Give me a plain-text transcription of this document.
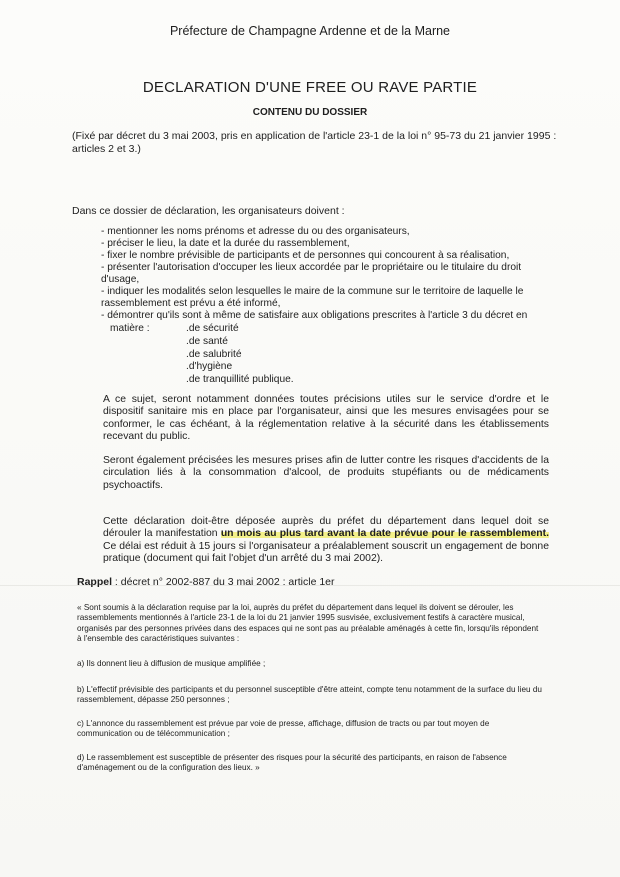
Préfecture de Champagne Ardenne et de la Marne
DECLARATION D'UNE FREE OU RAVE PARTIE
CONTENU DU DOSSIER
(Fixé par décret du 3 mai 2003, pris en application de l'article 23-1 de la loi n° 95-73 du 21 janvier 1995 : articles 2 et 3.)
Dans ce dossier de déclaration, les organisateurs doivent :
- mentionner les noms prénoms et adresse du ou des organisateurs,
- préciser le lieu, la date et la durée du rassemblement,
- fixer le nombre prévisible de participants et de personnes qui concourent à sa réalisation,
- présenter l'autorisation d'occuper les lieux accordée par le propriétaire ou le titulaire du droit d'usage,
- indiquer les modalités selon lesquelles le maire de la commune sur le territoire de laquelle le rassemblement est prévu a été informé,
- démontrer qu'ils sont à même de satisfaire aux obligations prescrites à l'article 3 du décret en
matière :	.de sécurité
.de santé
.de salubrité
.d'hygiène
.de tranquillité publique.
A ce sujet, seront notamment données toutes précisions utiles sur le service d'ordre et le dispositif sanitaire mis en place par l'organisateur, ainsi que les mesures envisagées pour se conformer, le cas échéant, à la réglementation relative à la sécurité dans les établissements recevant du public.
Seront également précisées les mesures prises afin de lutter contre les risques d'accidents de la circulation liés à la consommation d'alcool, de produits stupéfiants ou de médicaments psychoactifs.
Cette déclaration doit-être déposée auprès du préfet du département dans lequel doit se dérouler la manifestation un mois au plus tard avant la date prévue pour le rassemblement. Ce délai est réduit à 15 jours si l'organisateur a préalablement souscrit un engagement de bonne pratique (document qui fait l'objet d'un arrêté du 3 mai 2002).
Rappel : décret n° 2002-887 du 3 mai 2002 : article 1er
« Sont soumis à la déclaration requise par la loi, auprès du préfet du département dans lequel ils doivent se dérouler, les rassemblements mentionnés à l'article 23-1 de la loi du 21 janvier 1995 susvisée, exclusivement festifs à caractère musical, organisés par des personnes privées dans des espaces qui ne sont pas au préalable aménagés à cette fin, lorsqu'ils répondent à l'ensemble des caractéristiques suivantes :
a) Ils donnent lieu à diffusion de musique amplifiée ;
b) L'effectif prévisible des participants et du personnel susceptible d'être atteint, compte tenu notamment de la surface du lieu du rassemblement, dépasse 250 personnes ;
c) L'annonce du rassemblement est prévue par voie de presse, affichage, diffusion de tracts ou par tout moyen de communication ou de télécommunication ;
d) Le rassemblement est susceptible de présenter des risques pour la sécurité des participants, en raison de l'absence d'aménagement ou de la configuration des lieux. »
